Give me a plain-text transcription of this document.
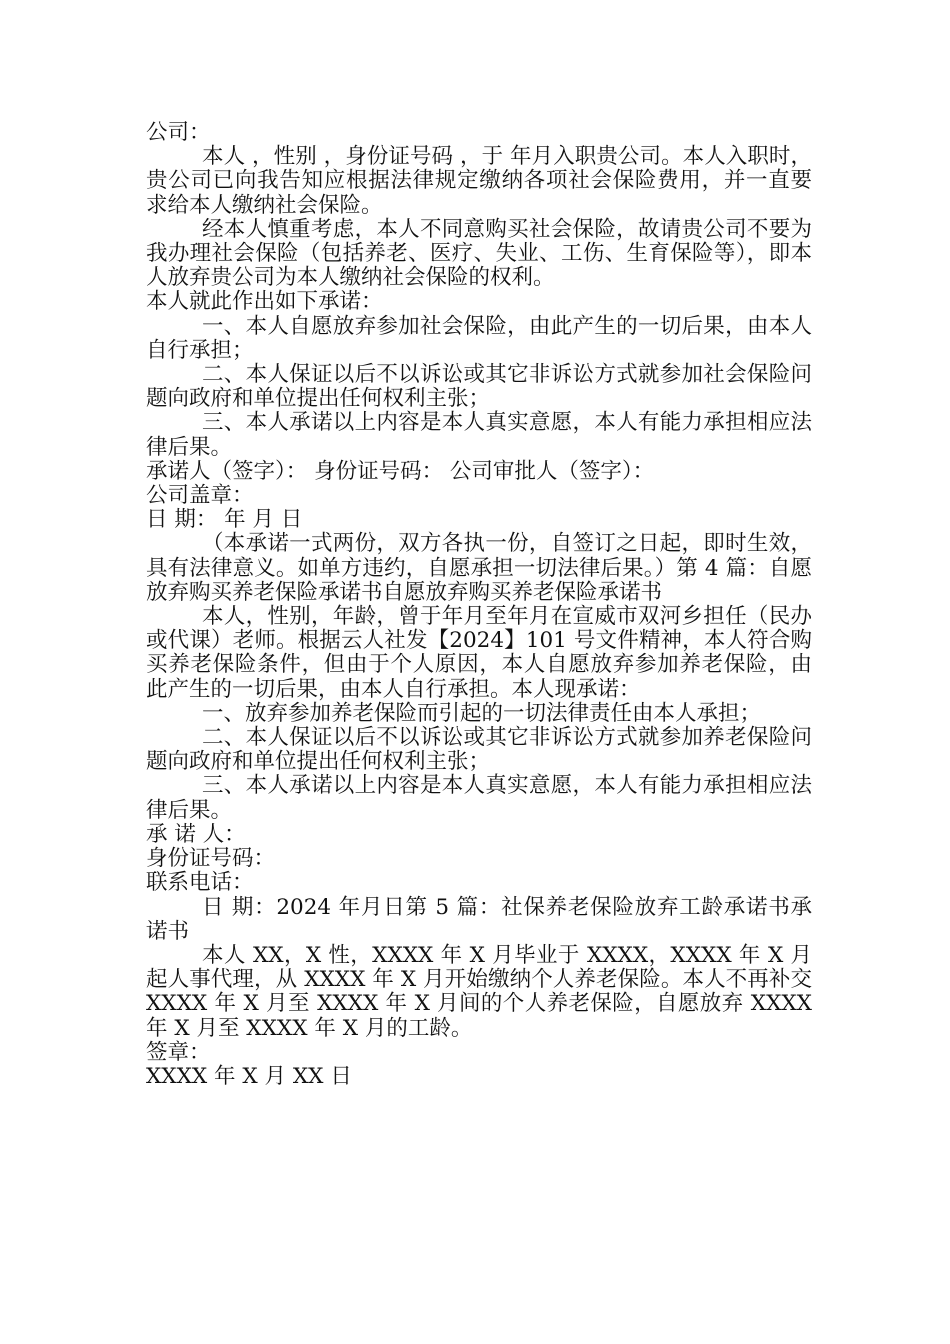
公司：

本人 ，性别 ，身份证号码 ，于 年月入职贵公司。本人入职时，贵公司已向我告知应根据法律规定缴纳各项社会保险费用，并一直要求给本人缴纳社会保险。

经本人慎重考虑，本人不同意购买社会保险，故请贵公司不要为我办理社会保险（包括养老、医疗、失业、工伤、生育保险等），即本人放弃贵公司为本人缴纳社会保险的权利。

本人就此作出如下承诺：

一、本人自愿放弃参加社会保险，由此产生的一切后果，由本人自行承担；

二、本人保证以后不以诉讼或其它非诉讼方式就参加社会保险问题向政府和单位提出任何权利主张；

三、本人承诺以上内容是本人真实意愿，本人有能力承担相应法律后果。

承诺人（签字）： 身份证号码： 公司审批人（签字）：

公司盖章：

日 期： 年 月 日

（本承诺一式两份，双方各执一份，自签订之日起，即时生效，具有法律意义。如单方违约，自愿承担一切法律后果。）第 4 篇：自愿放弃购买养老保险承诺书自愿放弃购买养老保险承诺书

本人，性别，年龄，曾于年月至年月在宣威市双河乡担任（民办或代课）老师。根据云人社发【2024】101 号文件精神，本人符合购买养老保险条件，但由于个人原因，本人自愿放弃参加养老保险，由此产生的一切后果，由本人自行承担。本人现承诺：

一、放弃参加养老保险而引起的一切法律责任由本人承担；

二、本人保证以后不以诉讼或其它非诉讼方式就参加养老保险问题向政府和单位提出任何权利主张；

三、本人承诺以上内容是本人真实意愿，本人有能力承担相应法律后果。

承 诺 人：

身份证号码：

联系电话：

日 期：2024 年月日第 5 篇：社保养老保险放弃工龄承诺书承诺书

本人 XX，X 性，XXXX 年 X 月毕业于 XXXX，XXXX 年 X 月起人事代理，从 XXXX 年 X 月开始缴纳个人养老保险。本人不再补交 XXXX 年 X 月至 XXXX 年 X 月间的个人养老保险，自愿放弃 XXXX 年 X 月至 XXXX 年 X 月的工龄。

签章：

XXXX 年 X 月 XX 日
